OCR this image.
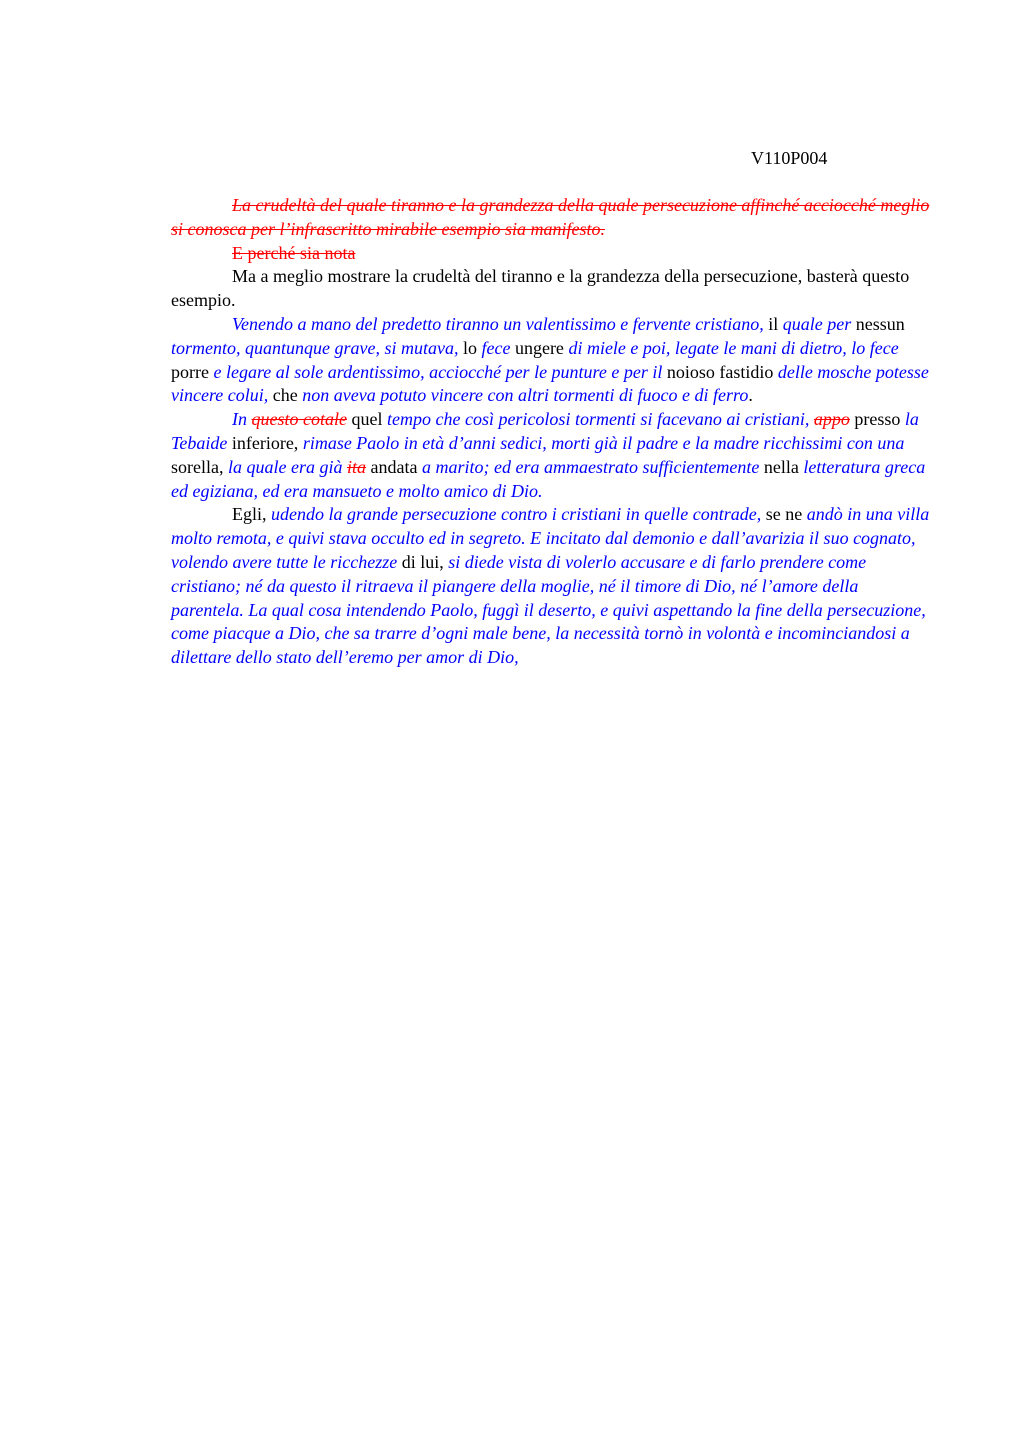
V110P004

La crudeltà del quale tiranno e la grandezza della quale persecuzione affinché acciocché meglio si conosca per l’infrascritto mirabile esempio sia manifesto.

E perché sia nota

Ma a meglio mostrare la crudeltà del tiranno e la grandezza della persecuzione, basterà questo esempio.

Venendo a mano del predetto tiranno un valentissimo e fervente cristiano, il quale per nessun tormento, quantunque grave, si mutava, lo fece ungere di miele e poi, legate le mani di dietro, lo fece porre e legare al sole ardentissimo, acciocché per le punture e per il noioso fastidio delle mosche potesse vincere colui, che non aveva potuto vincere con altri tormenti di fuoco e di ferro.

In questo cotale quel tempo che così pericolosi tormenti si facevano ai cristiani, appo presso la Tebaide inferiore, rimase Paolo in età d’anni sedici, morti già il padre e la madre ricchissimi con una sorella, la quale era già ita andata a marito; ed era ammaestrato sufficientemente nella letteratura greca ed egiziana, ed era mansueto e molto amico di Dio.

Egli, udendo la grande persecuzione contro i cristiani in quelle contrade, se ne andò in una villa molto remota, e quivi stava occulto ed in segreto. E incitato dal demonio e dall’avarizia il suo cognato, volendo avere tutte le ricchezze di lui, si diede vista di volerlo accusare e di farlo prendere come cristiano; né da questo il ritraeva il piangere della moglie, né il timore di Dio, né l’amore della parentela. La qual cosa intendendo Paolo, fuggì il deserto, e quivi aspettando la fine della persecuzione, come piacque a Dio, che sa trarre d’ogni male bene, la necessità tornò in volontà e incominciandosi a dilettare dello stato dell’eremo per amor di Dio,
